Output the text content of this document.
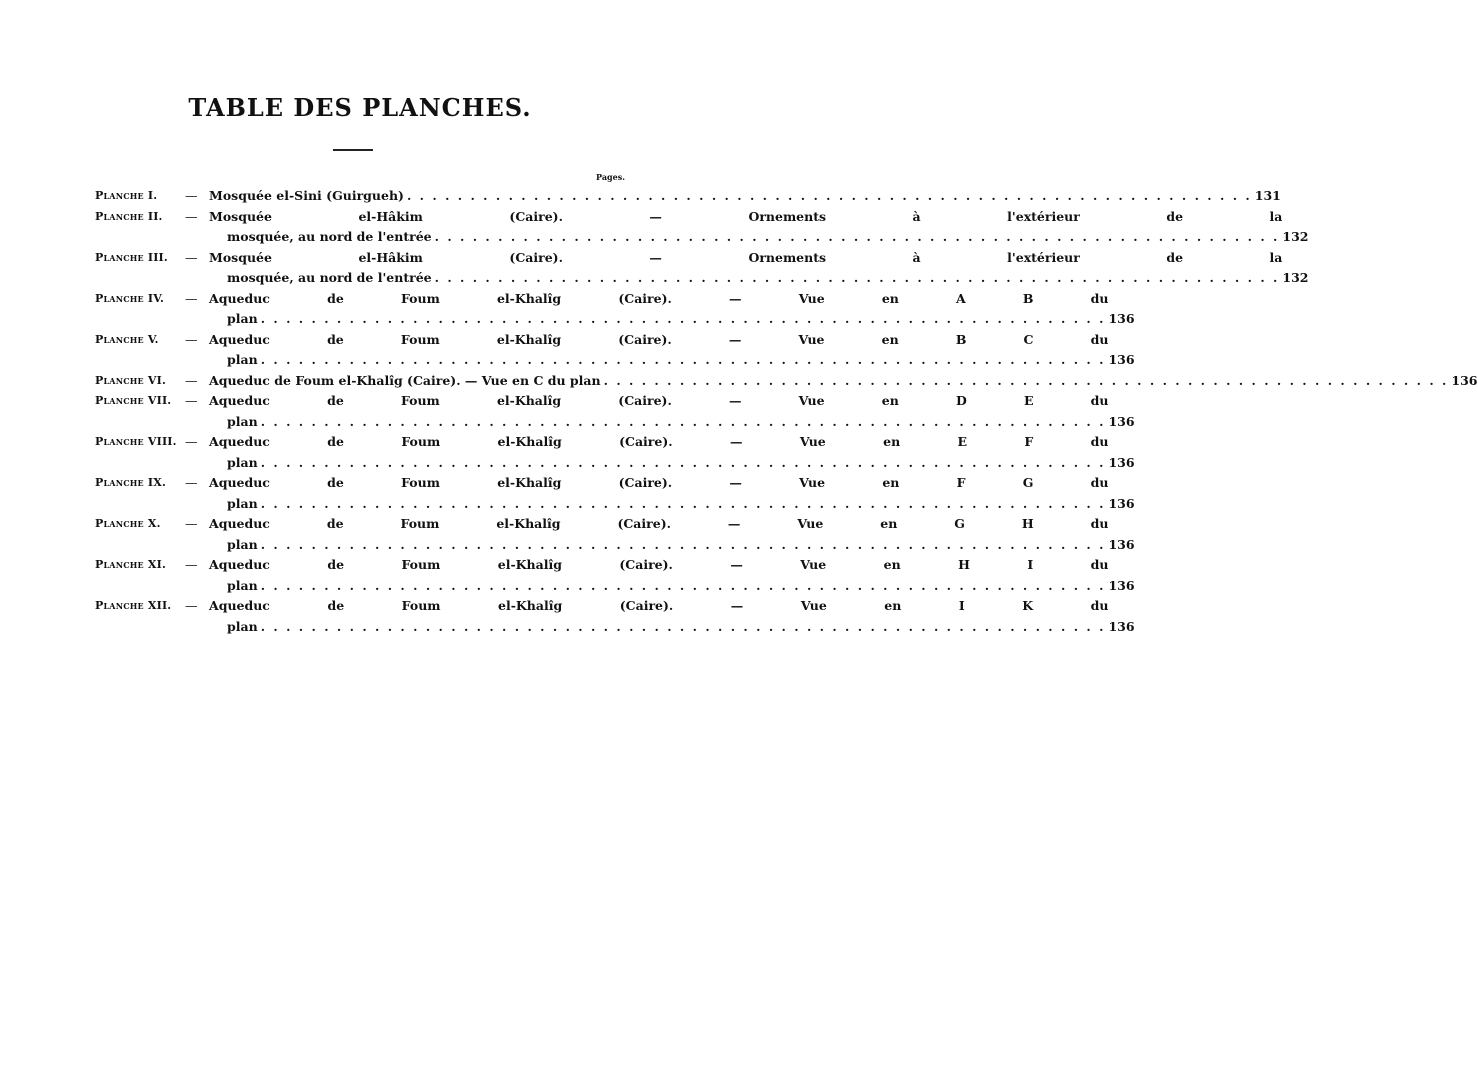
TABLE DES PLANCHES.
Pages.
Planche I.	— Mosquée el-Sini (Guirgueh) . . .	131
Planche II.	— Mosquée el-Hâkim (Caire). — Ornements à l'extérieur de la
mosquée, au nord de l'entrée . . .	132
Planche III.	— Mosquée el-Hâkim (Caire). — Ornements à l'extérieur de la
mosquée, au nord de l'entrée . . .	132
Planche IV.	— Aqueduc de Foum el-Khalîg (Caire). — Vue en A B du
plan . . .	136
Planche V.	— Aqueduc de Foum el-Khalîg (Caire). — Vue en B C du
plan . . .	136
Planche VI.	— Aqueduc de Foum el-Khalîg (Caire). — Vue en C du plan . . .	136
Planche VII.	— Aqueduc de Foum el-Khalîg (Caire). — Vue en D E du
plan . . .	136
Planche VIII. — Aqueduc de Foum el-Khalîg (Caire). — Vue en E F du
plan . . .	136
Planche IX.	— Aqueduc de Foum el-Khalîg (Caire). — Vue en F G du
plan . . .	136
Planche X.	— Aqueduc de Foum el-Khalîg (Caire). — Vue en G H du
plan . . .	136
Planche XI.	— Aqueduc de Foum el-Khalîg (Caire). — Vue en H I du
plan . . .	136
Planche XII.	— Aqueduc de Foum el-Khalîg (Caire). — Vue en I K du
plan . . .	136
